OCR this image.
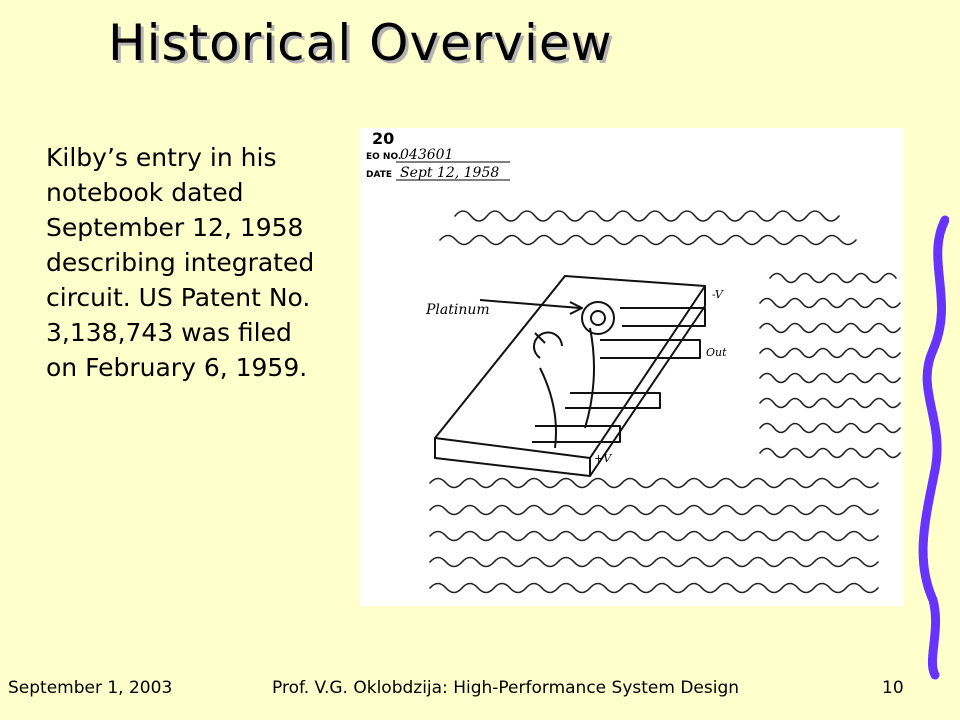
Historical Overview
Kilby’s entry in his notebook dated September 12, 1958 describing integrated circuit. US Patent No. 3,138,743 was filed on February 6, 1959.
20
EO NO.
043601
DATE Sept 12, 1958
Platinum
-V
Out
+V
September 1, 2003	Prof. V.G. Oklobdzija: High-Performance System Design	10
